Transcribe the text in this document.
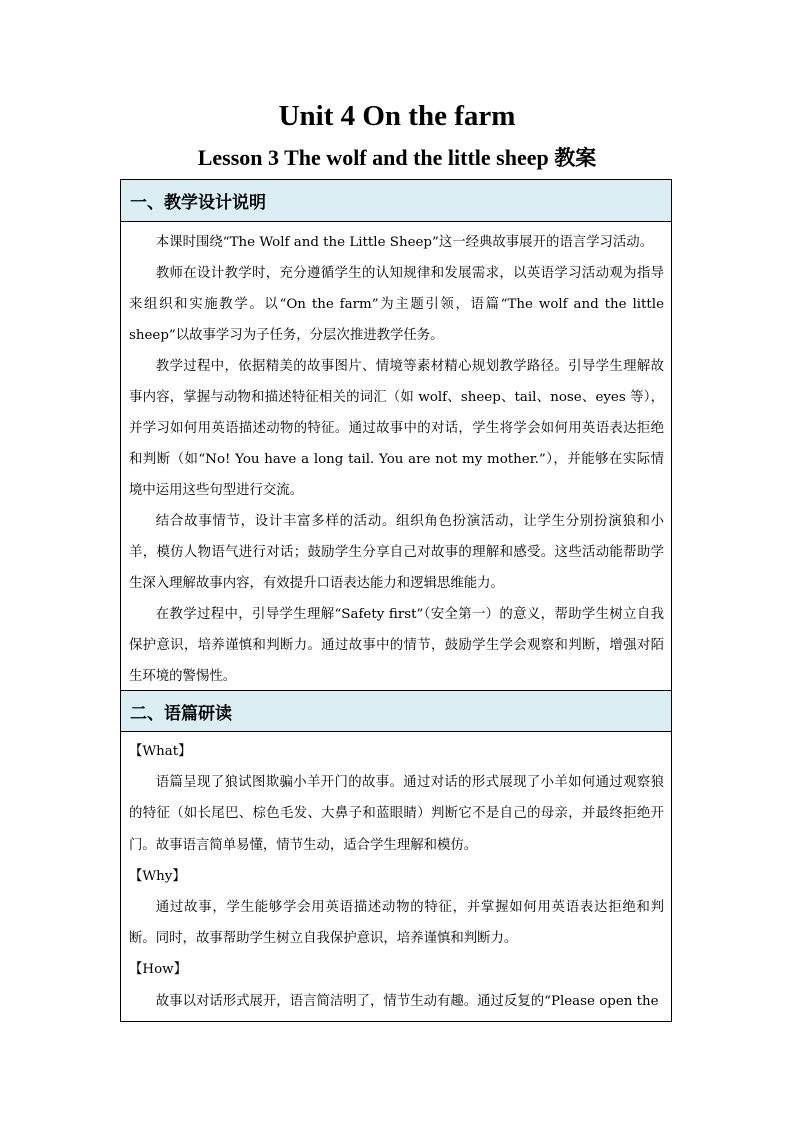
Unit 4 On the farm
Lesson 3 The wolf and the little sheep 教案
一、教学设计说明

本课时围绕“The Wolf and the Little Sheep”这一经典故事展开的语言学习活动。

教师在设计教学时，充分遵循学生的认知规律和发展需求，以英语学习活动观为指导来组织和实施教学。以“On the farm”为主题引领，语篇“The wolf and the little sheep”以故事学习为子任务，分层次推进教学任务。

教学过程中，依据精美的故事图片、情境等素材精心规划教学路径。引导学生理解故事内容，掌握与动物和描述特征相关的词汇（如 wolf、sheep、tail、nose、eyes 等），并学习如何用英语描述动物的特征。通过故事中的对话，学生将学会如何用英语表达拒绝和判断（如“No! You have a long tail. You are not my mother.”），并能够在实际情境中运用这些句型进行交流。

结合故事情节，设计丰富多样的活动。组织角色扮演活动，让学生分别扮演狼和小羊，模仿人物语气进行对话；鼓励学生分享自己对故事的理解和感受。这些活动能帮助学生深入理解故事内容，有效提升口语表达能力和逻辑思维能力。

在教学过程中，引导学生理解“Safety first”（安全第一）的意义，帮助学生树立自我保护意识，培养谨慎和判断力。通过故事中的情节，鼓励学生学会观察和判断，增强对陌生环境的警惕性。

二、语篇研读

【What】

语篇呈现了狼试图欺骗小羊开门的故事。通过对话的形式展现了小羊如何通过观察狼的特征（如长尾巴、棕色毛发、大鼻子和蓝眼睛）判断它不是自己的母亲，并最终拒绝开门。故事语言简单易懂，情节生动，适合学生理解和模仿。

【Why】

通过故事，学生能够学会用英语描述动物的特征，并掌握如何用英语表达拒绝和判断。同时，故事帮助学生树立自我保护意识，培养谨慎和判断力。

【How】

故事以对话形式展开，语言简洁明了，情节生动有趣。通过反复的“Please open the
